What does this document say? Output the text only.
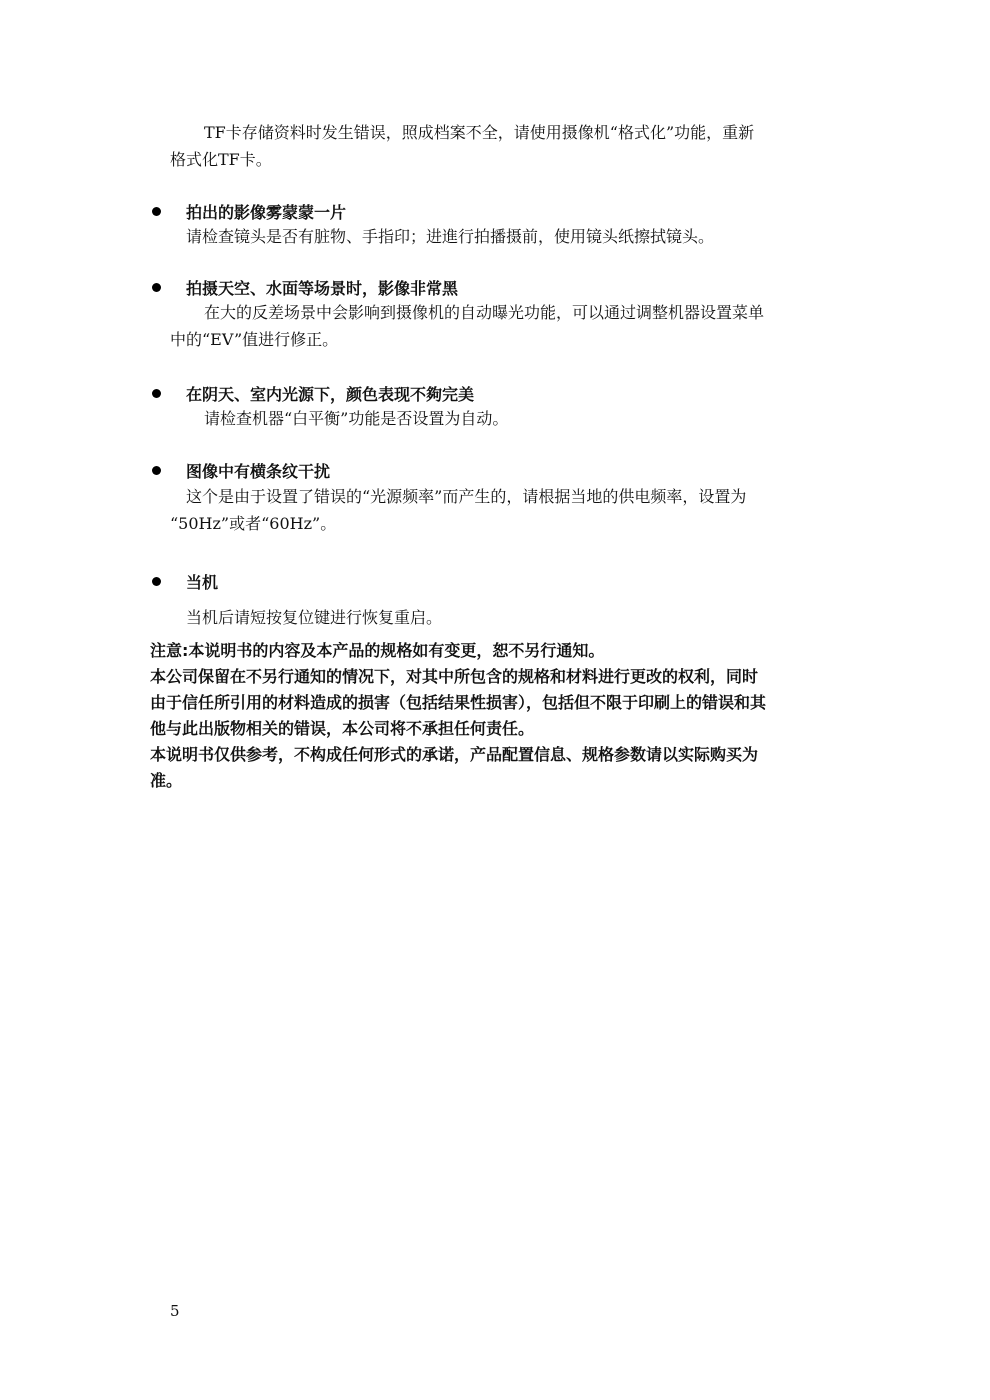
TF卡存储资料时发生错误，照成档案不全，请使用摄像机“格式化”功能，重新
格式化TF卡。
拍出的影像雾蒙蒙一片
请检查镜头是否有脏物、手指印；进進行拍播摄前，使用镜头纸擦拭镜头。
拍摄天空、水面等场景时，影像非常黑
在大的反差场景中会影响到摄像机的自动曝光功能，可以通过调整机器设置菜单
中的“EV”值进行修正。
在阴天、室内光源下，颜色表现不夠完美
请检查机器“白平衡”功能是否设置为自动。
图像中有横条纹干扰
这个是由于设置了错误的“光源频率”而产生的，请根据当地的供电频率，设置为
“50Hz”或者“60Hz”。
当机
当机后请短按复位键进行恢复重启。
注意:本说明书的内容及本产品的规格如有变更，恕不另行通知。
本公司保留在不另行通知的情况下，对其中所包含的规格和材料进行更改的权利，同时
由于信任所引用的材料造成的损害（包括结果性损害），包括但不限于印刷上的错误和其
他与此出版物相关的错误，本公司将不承担任何责任。
本说明书仅供参考，不构成任何形式的承诺，产品配置信息、规格参数请以实际购买为
准。
5
